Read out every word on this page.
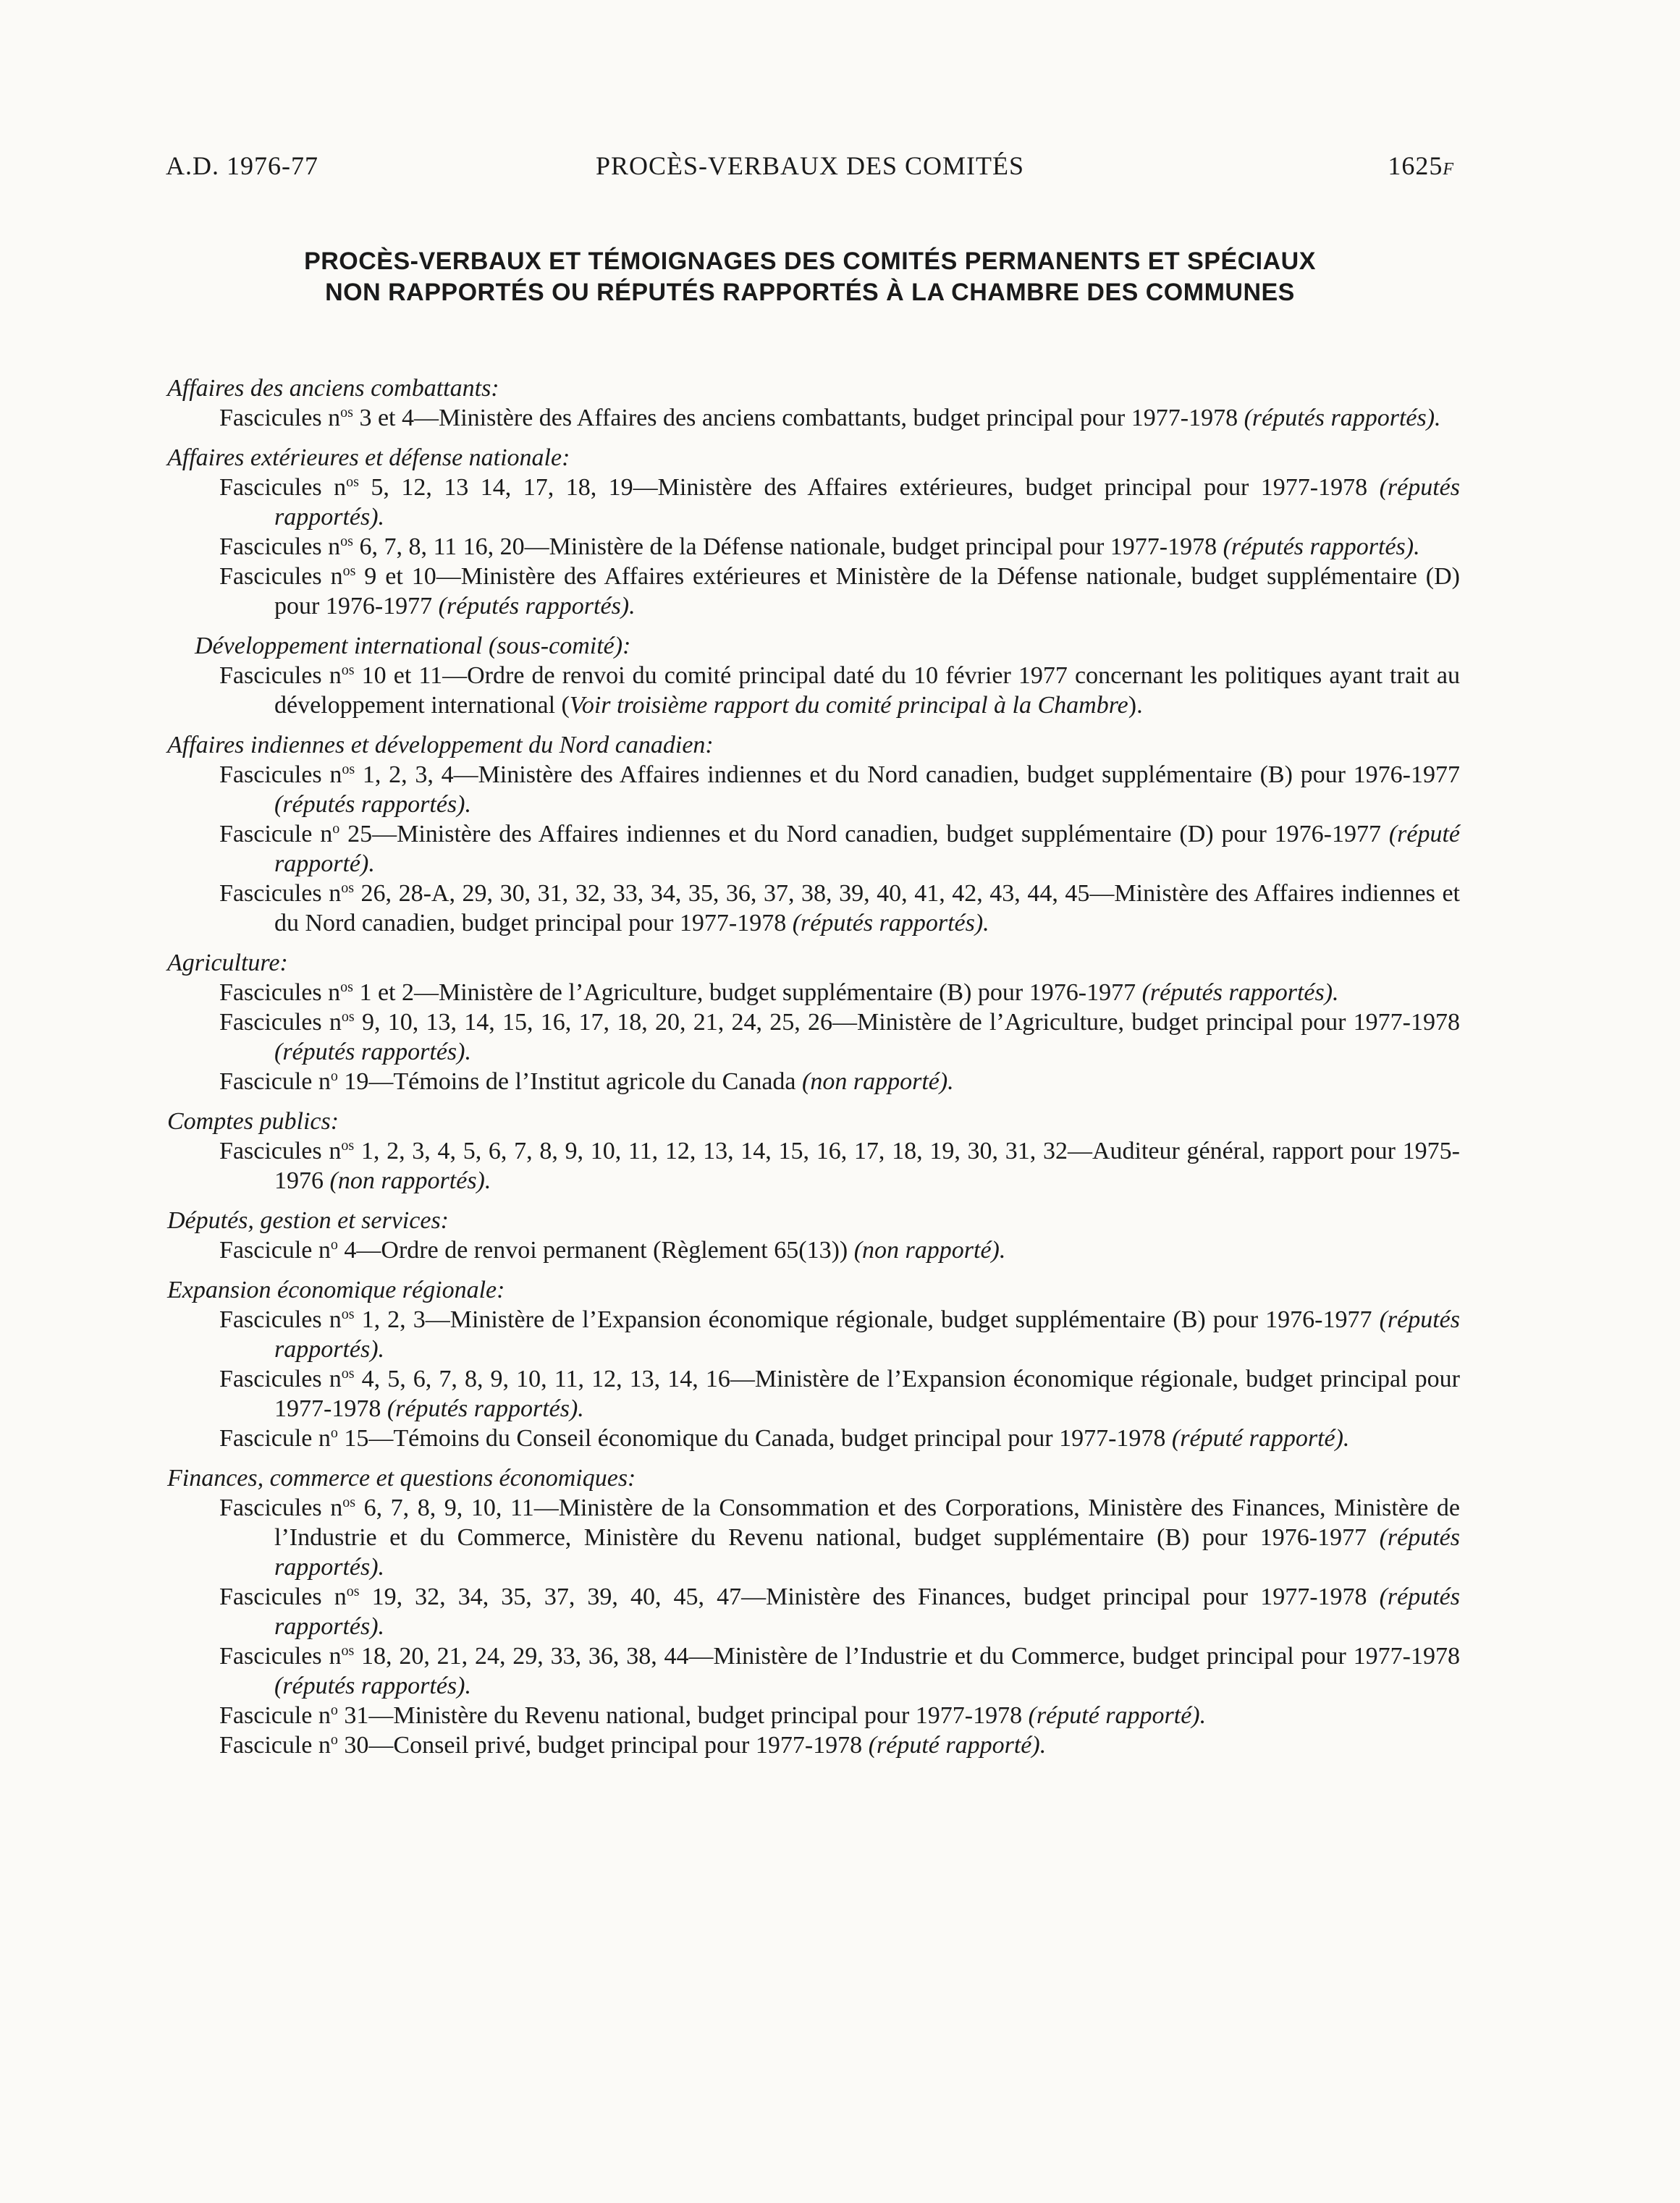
A.D. 1976-77	PROCÈS-VERBAUX DES COMITÉS	1625F
PROCÈS-VERBAUX ET TÉMOIGNAGES DES COMITÉS PERMANENTS ET SPÉCIAUX
NON RAPPORTÉS OU RÉPUTÉS RAPPORTÉS À LA CHAMBRE DES COMMUNES
Affaires des anciens combattants:
Fascicules $n^{os}$ 3 et 4—Ministère des Affaires des anciens combattants, budget principal pour 1977-1978 (réputés rapportés).
Affaires extérieures et défense nationale:
Fascicules $n^{os}$ 5, 12, 13 14, 17, 18, 19—Ministère des Affaires extérieures, budget principal pour 1977-1978 (réputés rapportés).
Fascicules $n^{os}$ 6, 7, 8, 11 16, 20—Ministère de la Défense nationale, budget principal pour 1977-1978 (réputés rapportés).
Fascicules $n^{os}$ 9 et 10—Ministère des Affaires extérieures et Ministère de la Défense nationale, budget supplémentaire (D) pour 1976-1977 (réputés rapportés).
Développement international (sous-comité):
Fascicules $n^{os}$ 10 et 11—Ordre de renvoi du comité principal daté du 10 février 1977 concernant les politiques ayant trait au développement international (Voir troisième rapport du comité principal à la Chambre).
Affaires indiennes et développement du Nord canadien:
Fascicules $n^{os}$ 1, 2, 3, 4—Ministère des Affaires indiennes et du Nord canadien, budget supplémentaire (B) pour 1976-1977 (réputés rapportés).
Fascicule $n^o$ 25—Ministère des Affaires indiennes et du Nord canadien, budget supplémentaire (D) pour 1976-1977 (réputé rapporté).
Fascicules $n^{os}$ 26, 28-A, 29, 30, 31, 32, 33, 34, 35, 36, 37, 38, 39, 40, 41, 42, 43, 44, 45—Ministère des Affaires indiennes et du Nord canadien, budget principal pour 1977-1978 (réputés rapportés).
Agriculture:
Fascicules $n^{os}$ 1 et 2—Ministère de l’Agriculture, budget supplémentaire (B) pour 1976-1977 (réputés rapportés).
Fascicules $n^{os}$ 9, 10, 13, 14, 15, 16, 17, 18, 20, 21, 24, 25, 26—Ministère de l’Agriculture, budget principal pour 1977-1978 (réputés rapportés).
Fascicule $n^o$ 19—Témoins de l’Institut agricole du Canada (non rapporté).
Comptes publics:
Fascicules $n^{os}$ 1, 2, 3, 4, 5, 6, 7, 8, 9, 10, 11, 12, 13, 14, 15, 16, 17, 18, 19, 30, 31, 32—Auditeur général, rapport pour 1975-1976 (non rapportés).
Députés, gestion et services:
Fascicule $n^o$ 4—Ordre de renvoi permanent (Règlement 65(13)) (non rapporté).
Expansion économique régionale:
Fascicules $n^{os}$ 1, 2, 3—Ministère de l’Expansion économique régionale, budget supplémentaire (B) pour 1976-1977 (réputés rapportés).
Fascicules $n^{os}$ 4, 5, 6, 7, 8, 9, 10, 11, 12, 13, 14, 16—Ministère de l’Expansion économique régionale, budget principal pour 1977-1978 (réputés rapportés).
Fascicule $n^o$ 15—Témoins du Conseil économique du Canada, budget principal pour 1977-1978 (réputé rapporté).
Finances, commerce et questions économiques:
Fascicules $n^{os}$ 6, 7, 8, 9, 10, 11—Ministère de la Consommation et des Corporations, Ministère des Finances, Ministère de l’Industrie et du Commerce, Ministère du Revenu national, budget supplémentaire (B) pour 1976-1977 (réputés rapportés).
Fascicules $n^{os}$ 19, 32, 34, 35, 37, 39, 40, 45, 47—Ministère des Finances, budget principal pour 1977-1978 (réputés rapportés).
Fascicules $n^{os}$ 18, 20, 21, 24, 29, 33, 36, 38, 44—Ministère de l’Industrie et du Commerce, budget principal pour 1977-1978 (réputés rapportés).
Fascicule $n^o$ 31—Ministère du Revenu national, budget principal pour 1977-1978 (réputé rapporté).
Fascicule $n^o$ 30—Conseil privé, budget principal pour 1977-1978 (réputé rapporté).
